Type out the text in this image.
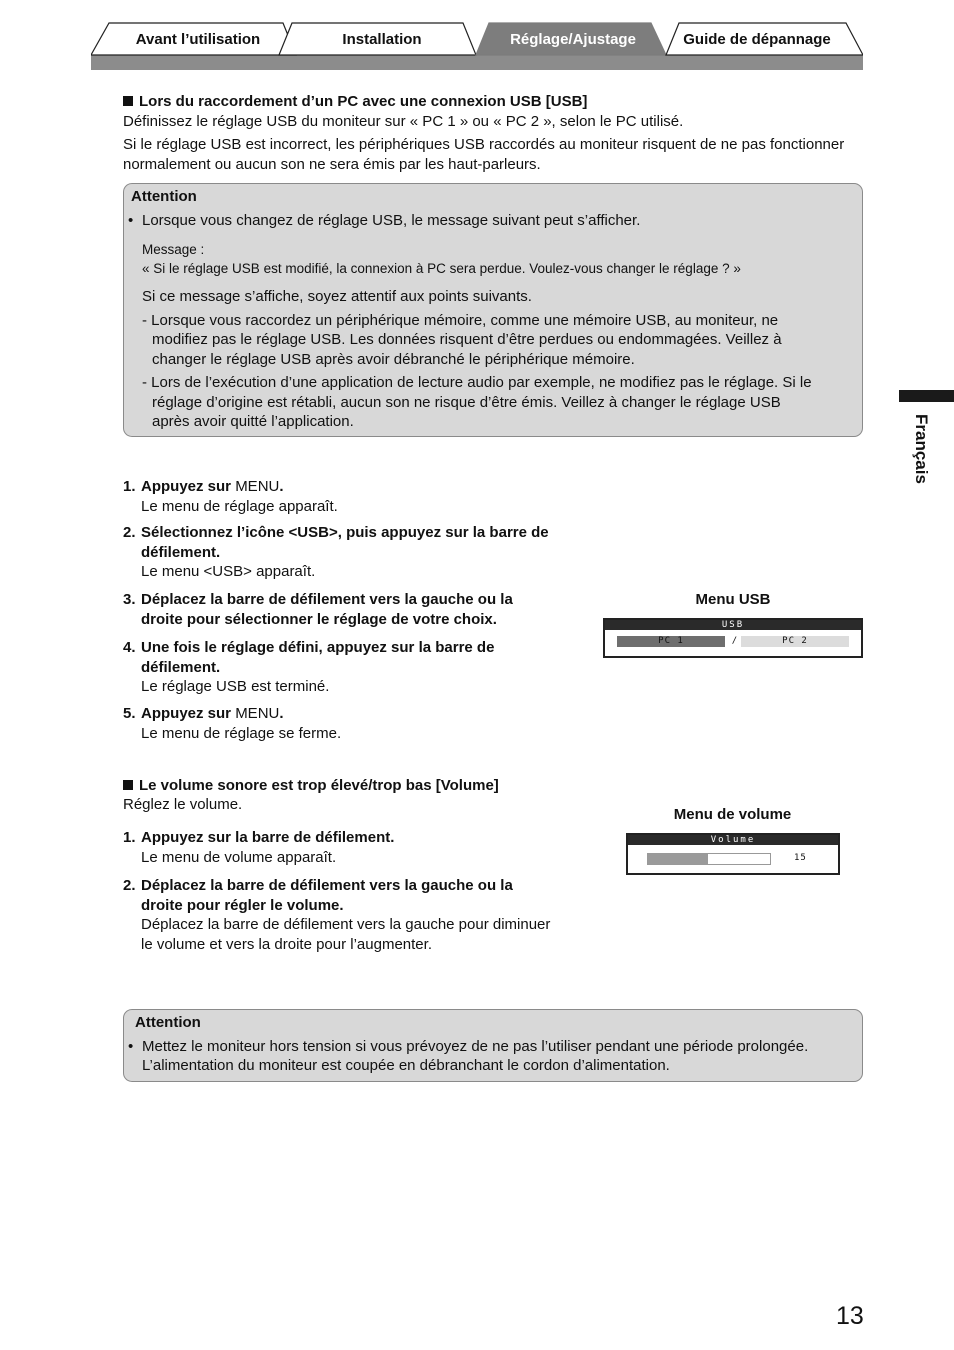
Avant l’utilisation	Installation	Réglage/Ajustage	Guide de dépannage
Lors du raccordement d’un PC avec une connexion USB [USB]
Définissez le réglage USB du moniteur sur « PC 1 » ou « PC 2 », selon le PC utilisé.
Si le réglage USB est incorrect, les périphériques USB raccordés au moniteur risquent de ne pas fonctionner
normalement ou aucun son ne sera émis par les haut-parleurs.
Attention
• Lorsque vous changez de réglage USB, le message suivant peut s’afficher.
Message :
« Si le réglage USB est modifié, la connexion à PC sera perdue. Voulez-vous changer le réglage ? »
Si ce message s’affiche, soyez attentif aux points suivants.
- Lorsque vous raccordez un périphérique mémoire, comme une mémoire USB, au moniteur, ne
modifiez pas le réglage USB. Les données risquent d’être perdues ou endommagées. Veillez à
changer le réglage USB après avoir débranché le périphérique mémoire.
- Lors de l’exécution d’une application de lecture audio par exemple, ne modifiez pas le réglage. Si le
réglage d’origine est rétabli, aucun son ne risque d’être émis. Veillez à changer le réglage USB
après avoir quitté l’application.
1. Appuyez sur MENU.
Le menu de réglage apparaît.
2. Sélectionnez l’icône <USB>, puis appuyez sur la barre de
défilement.
Le menu <USB> apparaît.
3. Déplacez la barre de défilement vers la gauche ou la
droite pour sélectionner le réglage de votre choix.
4. Une fois le réglage défini, appuyez sur la barre de
défilement.
Le réglage USB est terminé.
5. Appuyez sur MENU.
Le menu de réglage se ferme.
Menu USB
USB
PC 1	/	PC 2
Le volume sonore est trop élevé/trop bas [Volume]
Réglez le volume.
1. Appuyez sur la barre de défilement.
Le menu de volume apparaît.
2. Déplacez la barre de défilement vers la gauche ou la
droite pour régler le volume.
Déplacez la barre de défilement vers la gauche pour diminuer
le volume et vers la droite pour l’augmenter.
Menu de volume
Volume
15
Attention
• Mettez le moniteur hors tension si vous prévoyez de ne pas l’utiliser pendant une période prolongée.
L’alimentation du moniteur est coupée en débranchant le cordon d’alimentation.
Français
13
